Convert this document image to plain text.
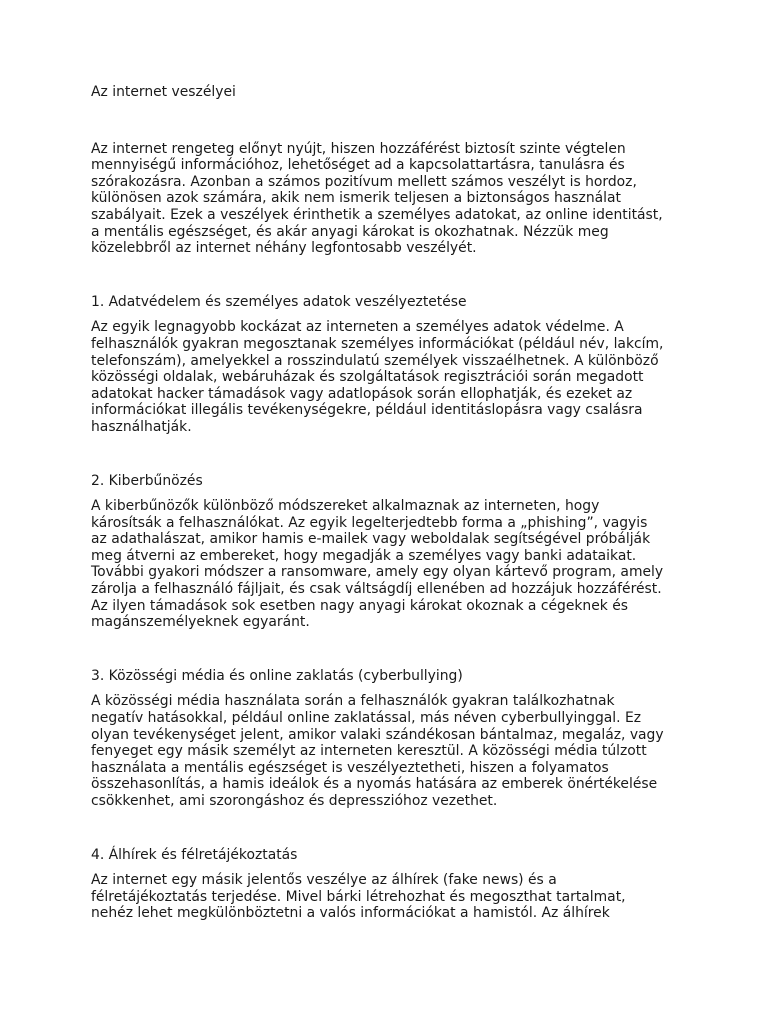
Az internet veszélyei

Az internet rengeteg előnyt nyújt, hiszen hozzáférést biztosít szinte végtelen
mennyiségű információhoz, lehetőséget ad a kapcsolattartásra, tanulásra és
szórakozásra. Azonban a számos pozitívum mellett számos veszélyt is hordoz,
különösen azok számára, akik nem ismerik teljesen a biztonságos használat
szabályait. Ezek a veszélyek érinthetik a személyes adatokat, az online identitást,
a mentális egészséget, és akár anyagi károkat is okozhatnak. Nézzük meg
közelebbről az internet néhány legfontosabb veszélyét.

1. Adatvédelem és személyes adatok veszélyeztetése

Az egyik legnagyobb kockázat az interneten a személyes adatok védelme. A
felhasználók gyakran megosztanak személyes információkat (például név, lakcím,
telefonszám), amelyekkel a rosszindulatú személyek visszaélhetnek. A különböző
közösségi oldalak, webáruházak és szolgáltatások regisztrációi során megadott
adatokat hacker támadások vagy adatlopások során ellophatják, és ezeket az
információkat illegális tevékenységekre, például identitáslopásra vagy csalásra
használhatják.

2. Kiberbűnözés

A kiberbűnözők különböző módszereket alkalmaznak az interneten, hogy
károsítsák a felhasználókat. Az egyik legelterjedtebb forma a „phishing”, vagyis
az adathalászat, amikor hamis e-mailek vagy weboldalak segítségével próbálják
meg átverni az embereket, hogy megadják a személyes vagy banki adataikat.
További gyakori módszer a ransomware, amely egy olyan kártevő program, amely
zárolja a felhasználó fájljait, és csak váltságdíj ellenében ad hozzájuk hozzáférést.
Az ilyen támadások sok esetben nagy anyagi károkat okoznak a cégeknek és
magánszemélyeknek egyaránt.

3. Közösségi média és online zaklatás (cyberbullying)

A közösségi média használata során a felhasználók gyakran találkozhatnak
negatív hatásokkal, például online zaklatással, más néven cyberbullyinggal. Ez
olyan tevékenységet jelent, amikor valaki szándékosan bántalmaz, megaláz, vagy
fenyeget egy másik személyt az interneten keresztül. A közösségi média túlzott
használata a mentális egészséget is veszélyeztetheti, hiszen a folyamatos
összehasonlítás, a hamis ideálok és a nyomás hatására az emberek önértékelése
csökkenhet, ami szorongáshoz és depresszióhoz vezethet.

4. Álhírek és félretájékoztatás

Az internet egy másik jelentős veszélye az álhírek (fake news) és a
félretájékoztatás terjedése. Mivel bárki létrehozhat és megoszthat tartalmat,
nehéz lehet megkülönböztetni a valós információkat a hamistól. Az álhírek
